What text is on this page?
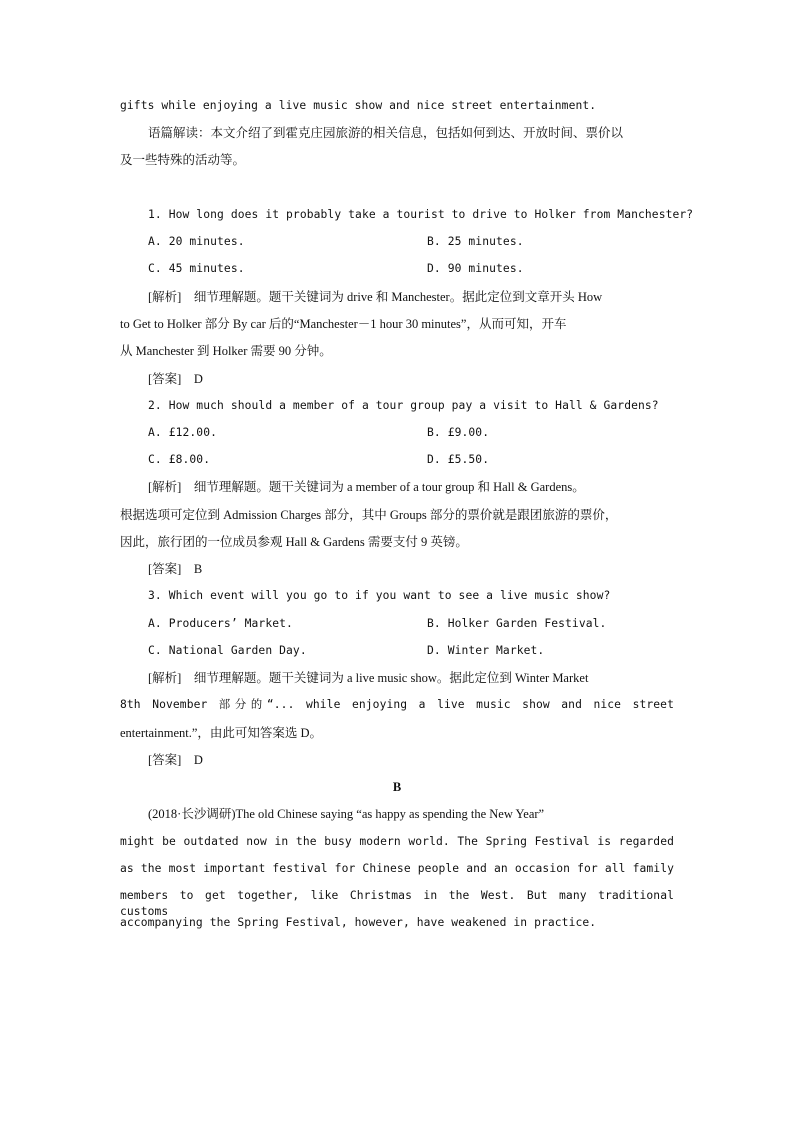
gifts while enjoying a live music show and nice street entertainment.
语篇解读：本文介绍了到霍克庄园旅游的相关信息，包括如何到达、开放时间、票价以
及一些特殊的活动等。
1. How long does it probably take a tourist to drive to Holker from Manchester?
A. 20 minutes.	B. 25 minutes.
C. 45 minutes.	D. 90 minutes.
[解析]　细节理解题。题干关键词为 drive 和 Manchester。据此定位到文章开头 How
to Get to Holker 部分 By car 后的“Manchester－1 hour 30 minutes”，从而可知，开车
从 Manchester 到 Holker 需要 90 分钟。
[答案]　D
2. How much should a member of a tour group pay a visit to Hall & Gardens?
A. £12.00.	B. £9.00.
C. £8.00.	D. £5.50.
[解析]　细节理解题。题干关键词为 a member of a tour group 和 Hall & Gardens。
根据选项可定位到 Admission Charges 部分，其中 Groups 部分的票价就是跟团旅游的票价，
因此，旅行团的一位成员参观 Hall & Gardens 需要支付 9 英镑。
[答案]　B
3. Which event will you go to if you want to see a live music show?
A. Producers’ Market.	B. Holker Garden Festival.
C. National Garden Day.	D. Winter Market.
[解析]　细节理解题。题干关键词为 a live music show。据此定位到 Winter Market
8th November 部分的“... while enjoying a live music show and nice street
entertainment.”，由此可知答案选 D。
[答案]　D
B
(2018·长沙调研)The old Chinese saying “as happy as spending the New Year”
might be outdated now in the busy modern world. The Spring Festival is regarded
as the most important festival for Chinese people and an occasion for all family
members to get together, like Christmas in the West. But many traditional customs
accompanying the Spring Festival, however, have weakened in practice.
